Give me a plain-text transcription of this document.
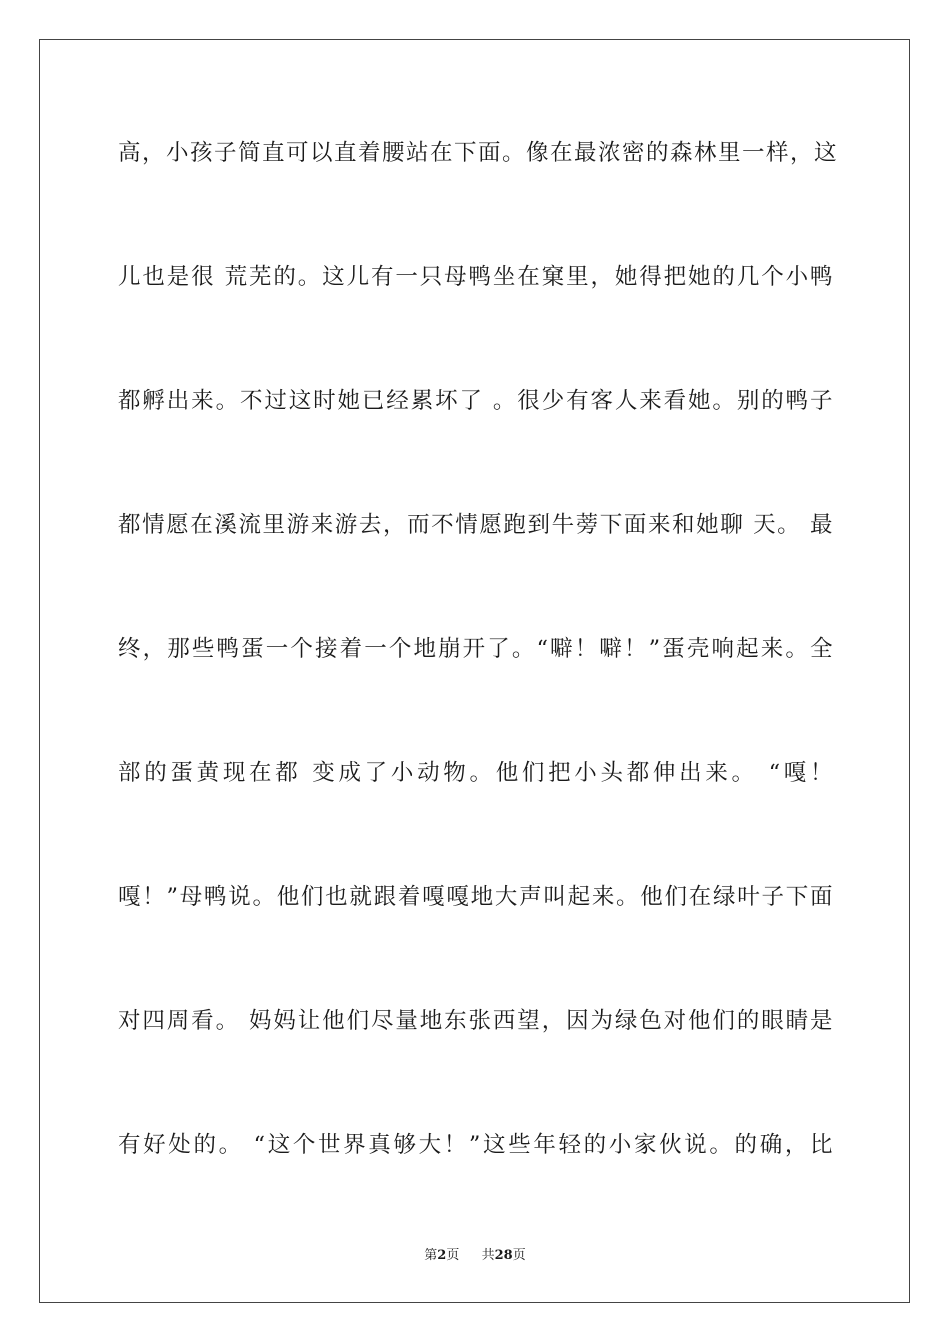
高，小孩子简直可以直着腰站在下面。像在最浓密的森林里一样，这
儿也是很 荒芜的。这儿有一只母鸭坐在窠里，她得把她的几个小鸭
都孵出来。不过这时她已经累坏了 。很少有客人来看她。别的鸭子
都情愿在溪流里游来游去，而不情愿跑到牛蒡下面来和她聊 天。 最
终，那些鸭蛋一个接着一个地崩开了。“噼！噼！”蛋壳响起来。全
部的蛋黄现在都 变成了小动物。他们把小头都伸出来。 “嘎！
嘎！”母鸭说。他们也就跟着嘎嘎地大声叫起来。他们在绿叶子下面
对四周看。 妈妈让他们尽量地东张西望，因为绿色对他们的眼睛是
有好处的。 “这个世界真够大！”这些年轻的小家伙说。的确，比
第2页 共28页
